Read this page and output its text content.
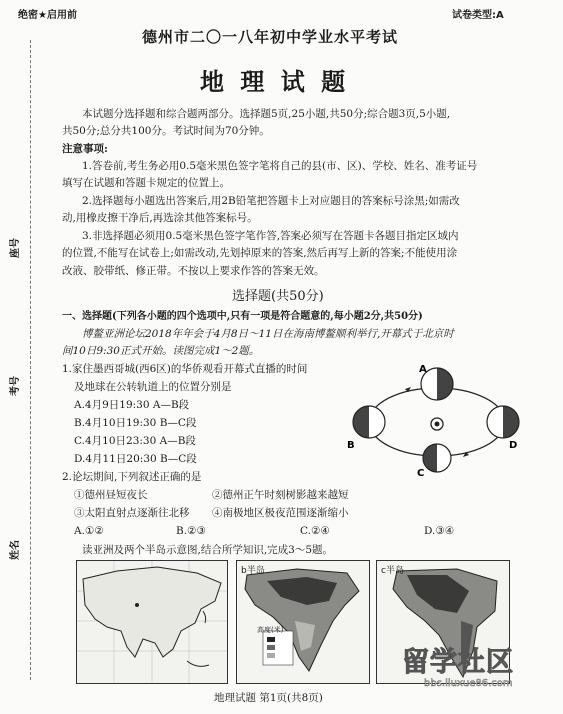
绝密★启用前	试卷类型:A
德州市二〇一八年初中学业水平考试
地 理 试 题
本试题分选择题和综合题两部分。选择题5页,25小题,共50分;综合题3页,5小题,
共50分;总分共100分。考试时间为70分钟。
注意事项:
1.答卷前,考生务必用0.5毫米黑色签字笔将自己的县(市、区)、学校、姓名、准考证号
填写在试题和答题卡规定的位置上。
2.选择题每小题选出答案后,用2B铅笔把答题卡上对应题目的答案标号涂黑;如需改
动,用橡皮擦干净后,再选涂其他答案标号。
3.非选择题必须用0.5毫米黑色签字笔作答,答案必须写在答题卡各题目指定区域内
的位置,不能写在试卷上;如需改动,先划掉原来的答案,然后再写上新的答案;不能使用涂
改液、胶带纸、修正带。不按以上要求作答的答案无效。
座号
考号
姓名
选择题(共50分)
一、选择题(下列各小题的四个选项中,只有一项是符合题意的,每小题2分,共50分)
博鳌亚洲论坛2018年年会于4月8日～11日在海南博鳌顺利举行,开幕式于北京时
间10日9:30正式开始。读图完成1～2题。
1.家住墨西哥城(西6区)的华侨观看开幕式直播的时间
及地球在公转轨道上的位置分别是
A.4月9日19:30 A—B段
B.4月10日19:30 B—C段
C.4月10日23:30 A—B段
D.4月11日20:30 B—C段
A
B
C
D
2.论坛期间,下列叙述正确的是
①德州昼短夜长	②德州正午时刻树影越来越短
③太阳直射点逐渐往北移 ④南极地区极夜范围逐渐缩小
A.①②	B.②③	C.②④	D.③④
读亚洲及两个半岛示意图,结合所学知识,完成3～5题。
b半岛
高度(米)
c半岛
地理试题 第1页(共8页)
留学社区
bbs.liuxue86.com
